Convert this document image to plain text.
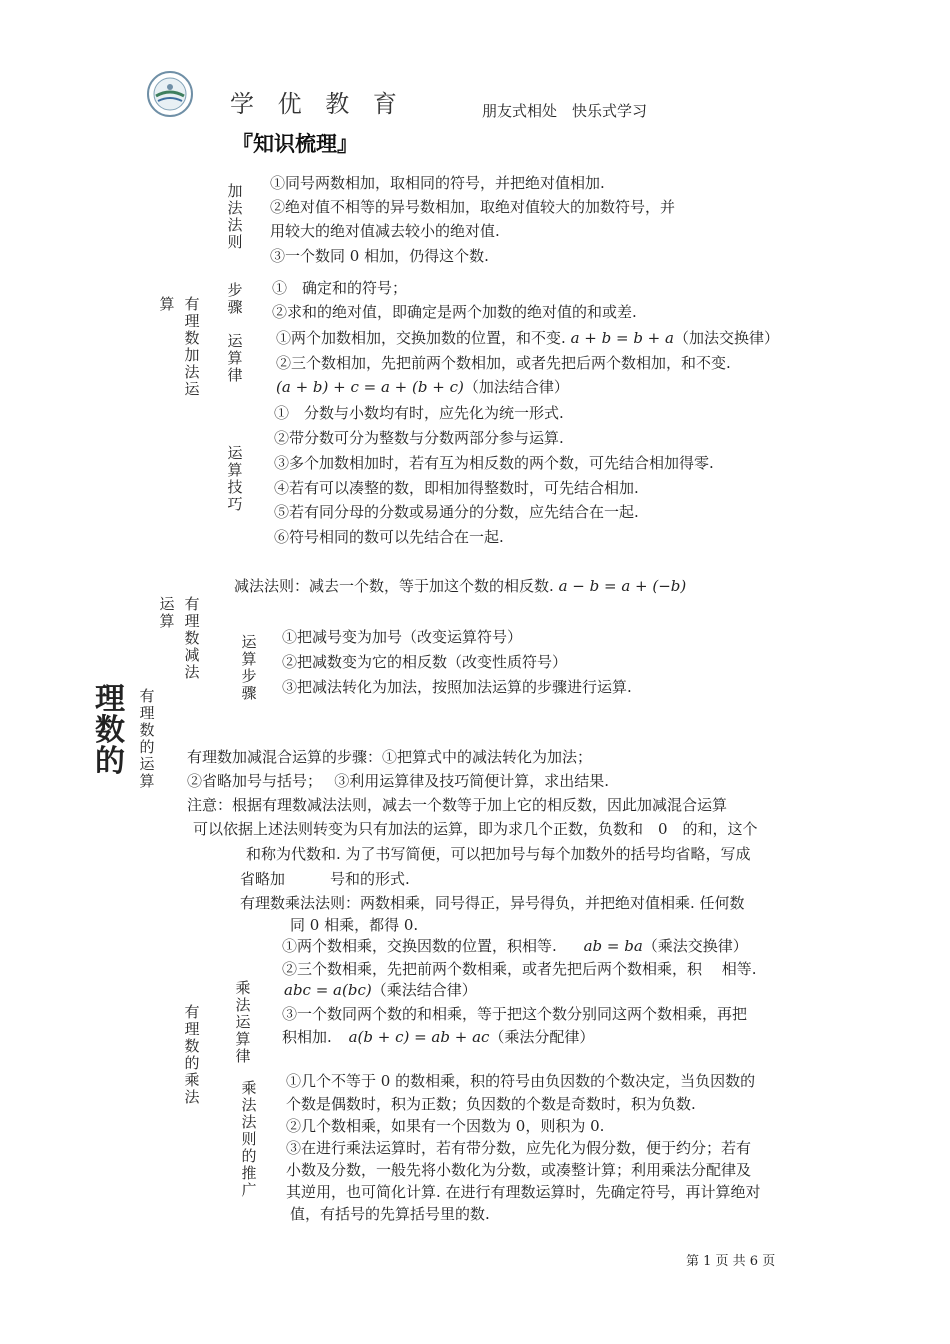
学 优 教 育	朋友式相处　快乐式学习
『知识梳理』
理数的
算 有理数加法运
运算
有理数减法
有理数的运算
有理数的乘法
加法法则
①同号两数相加，取相同的符号，并把绝对值相加.
②绝对值不相等的异号数相加，取绝对值较大的加数符号，并
用较大的绝对值减去较小的绝对值.
③一个数同 0 相加，仍得这个数.
步骤
①　确定和的符号；
②求和的绝对值，即确定是两个加数的绝对值的和或差.
运算律
①两个加数相加，交换加数的位置，和不变. a + b = b + a（加法交换律）
②三个数相加，先把前两个数相加，或者先把后两个数相加，和不变.
(a + b) + c = a + (b + c)（加法结合律）
运算技巧
①　分数与小数均有时，应先化为统一形式.
②带分数可分为整数与分数两部分参与运算.
③多个加数相加时，若有互为相反数的两个数，可先结合相加得零.
④若有可以凑整的数，即相加得整数时，可先结合相加.
⑤若有同分母的分数或易通分的分数，应先结合在一起.
⑥符号相同的数可以先结合在一起.
减法法则：减去一个数，等于加这个数的相反数. a − b = a + (−b)
运算步骤
①把减号变为加号（改变运算符号）
②把减数变为它的相反数（改变性质符号）
③把减法转化为加法，按照加法运算的步骤进行运算.
有理数加减混合运算的步骤：①把算式中的减法转化为加法；
②省略加号与括号；　 ③利用运算律及技巧简便计算，求出结果.
注意：根据有理数减法法则，减去一个数等于加上它的相反数，因此加减混合运算
可以依据上述法则转变为只有加法的运算，即为求几个正数，负数和　0　的和，这个
和称为代数和. 为了书写简便，可以把加号与每个加数外的括号均省略，写成
省略加　　　号和的形式.
有理数乘法法则：两数相乘，同号得正，异号得负，并把绝对值相乘. 任何数
同 0 相乘，都得 0.
乘法运算律
①两个数相乘，交换因数的位置，积相等. ab = ba（乘法交换律）
②三个数相乘，先把前两个数相乘，或者先把后两个数相乘，积　 相等.
abc = a(bc)（乘法结合律）
③一个数同两个数的和相乘，等于把这个数分别同这两个数相乘，再把
积相加. a(b + c) = ab + ac（乘法分配律）
乘法法则的推广
①几个不等于 0 的数相乘，积的符号由负因数的个数决定，当负因数的
个数是偶数时，积为正数；负因数的个数是奇数时，积为负数.
②几个数相乘，如果有一个因数为 0，则积为 0.
③在进行乘法运算时，若有带分数，应先化为假分数，便于约分；若有
小数及分数，一般先将小数化为分数，或凑整计算；利用乘法分配律及
其逆用，也可简化计算. 在进行有理数运算时，先确定符号，再计算绝对
值，有括号的先算括号里的数.
第 1 页 共 6 页
